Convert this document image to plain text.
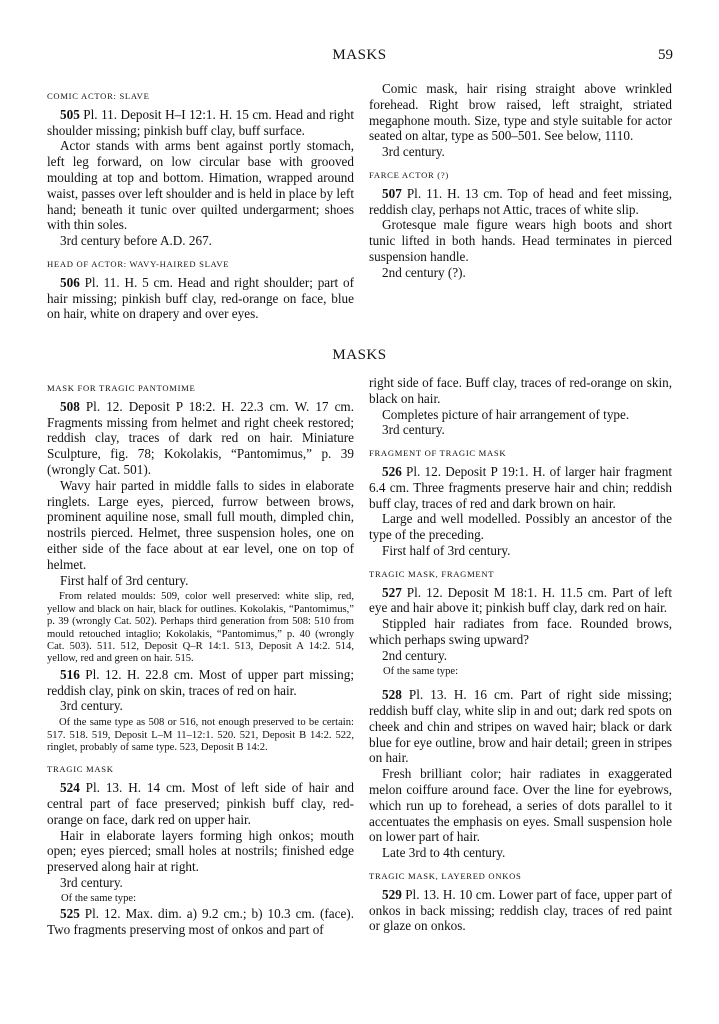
MASKS	59

COMIC ACTOR: SLAVE

505 Pl. 11. Deposit H–I 12:1. H. 15 cm. Head and right shoulder missing; pinkish buff clay, buff surface.

Actor stands with arms bent against portly stomach, left leg forward, on low circular base with grooved moulding at top and bottom. Himation, wrapped around waist, passes over left shoulder and is held in place by left hand; beneath it tunic over quilted undergarment; shoes with thin soles.

3rd century before A.D. 267.

HEAD OF ACTOR: WAVY-HAIRED SLAVE

506 Pl. 11. H. 5 cm. Head and right shoulder; part of hair missing; pinkish buff clay, red-orange on face, blue on hair, white on drapery and over eyes.

Comic mask, hair rising straight above wrinkled forehead. Right brow raised, left straight, striated megaphone mouth. Size, type and style suitable for actor seated on altar, type as 500–501. See below, 1110.

3rd century.

FARCE ACTOR (?)

507 Pl. 11. H. 13 cm. Top of head and feet missing, reddish clay, perhaps not Attic, traces of white slip.

Grotesque male figure wears high boots and short tunic lifted in both hands. Head terminates in pierced suspension handle.

2nd century (?).

MASKS

MASK FOR TRAGIC PANTOMIME

508 Pl. 12. Deposit P 18:2. H. 22.3 cm. W. 17 cm. Fragments missing from helmet and right cheek restored; reddish clay, traces of dark red on hair. Miniature Sculpture, fig. 78; Kokolakis, “Pantomimus,” p. 39 (wrongly Cat. 501).

Wavy hair parted in middle falls to sides in elaborate ringlets. Large eyes, pierced, furrow between brows, prominent aquiline nose, small full mouth, dimpled chin, nostrils pierced. Helmet, three suspension holes, one on either side of the face about at ear level, one on top of helmet.

First half of 3rd century.

From related moulds: 509, color well preserved: white slip, red, yellow and black on hair, black for outlines. Kokolakis, “Pantomimus,” p. 39 (wrongly Cat. 502). Perhaps third generation from 508: 510 from mould retouched intaglio; Kokolakis, “Pantomimus,” p. 40 (wrongly Cat. 503). 511. 512, Deposit Q–R 14:1. 513, Deposit A 14:2. 514, yellow, red and green on hair. 515.

516 Pl. 12. H. 22.8 cm. Most of upper part missing; reddish clay, pink on skin, traces of red on hair.

3rd century.

Of the same type as 508 or 516, not enough preserved to be certain: 517. 518. 519, Deposit L–M 11–12:1. 520. 521, Deposit B 14:2. 522, ringlet, probably of same type. 523, Deposit B 14:2.

TRAGIC MASK

524 Pl. 13. H. 14 cm. Most of left side of hair and central part of face preserved; pinkish buff clay, red-orange on face, dark red on upper hair.

Hair in elaborate layers forming high onkos; mouth open; eyes pierced; small holes at nostrils; finished edge preserved along hair at right.

3rd century.

Of the same type:

525 Pl. 12. Max. dim. a) 9.2 cm.; b) 10.3 cm. (face). Two fragments preserving most of onkos and part of

right side of face. Buff clay, traces of red-orange on skin, black on hair.

Completes picture of hair arrangement of type.

3rd century.

FRAGMENT OF TRAGIC MASK

526 Pl. 12. Deposit P 19:1. H. of larger hair fragment 6.4 cm. Three fragments preserve hair and chin; reddish buff clay, traces of red and dark brown on hair.

Large and well modelled. Possibly an ancestor of the type of the preceding.

First half of 3rd century.

TRAGIC MASK, FRAGMENT

527 Pl. 12. Deposit M 18:1. H. 11.5 cm. Part of left eye and hair above it; pinkish buff clay, dark red on hair.

Stippled hair radiates from face. Rounded brows, which perhaps swing upward?

2nd century.

Of the same type:

528 Pl. 13. H. 16 cm. Part of right side missing; reddish buff clay, white slip in and out; dark red spots on cheek and chin and stripes on waved hair; black or dark blue for eye outline, brow and hair detail; green in stripes on hair.

Fresh brilliant color; hair radiates in exaggerated melon coiffure around face. Over the line for eyebrows, which run up to forehead, a series of dots parallel to it accentuates the emphasis on eyes. Small suspension hole on lower part of hair.

Late 3rd to 4th century.

TRAGIC MASK, LAYERED ONKOS

529 Pl. 13. H. 10 cm. Lower part of face, upper part of onkos in back missing; reddish clay, traces of red paint or glaze on onkos.
